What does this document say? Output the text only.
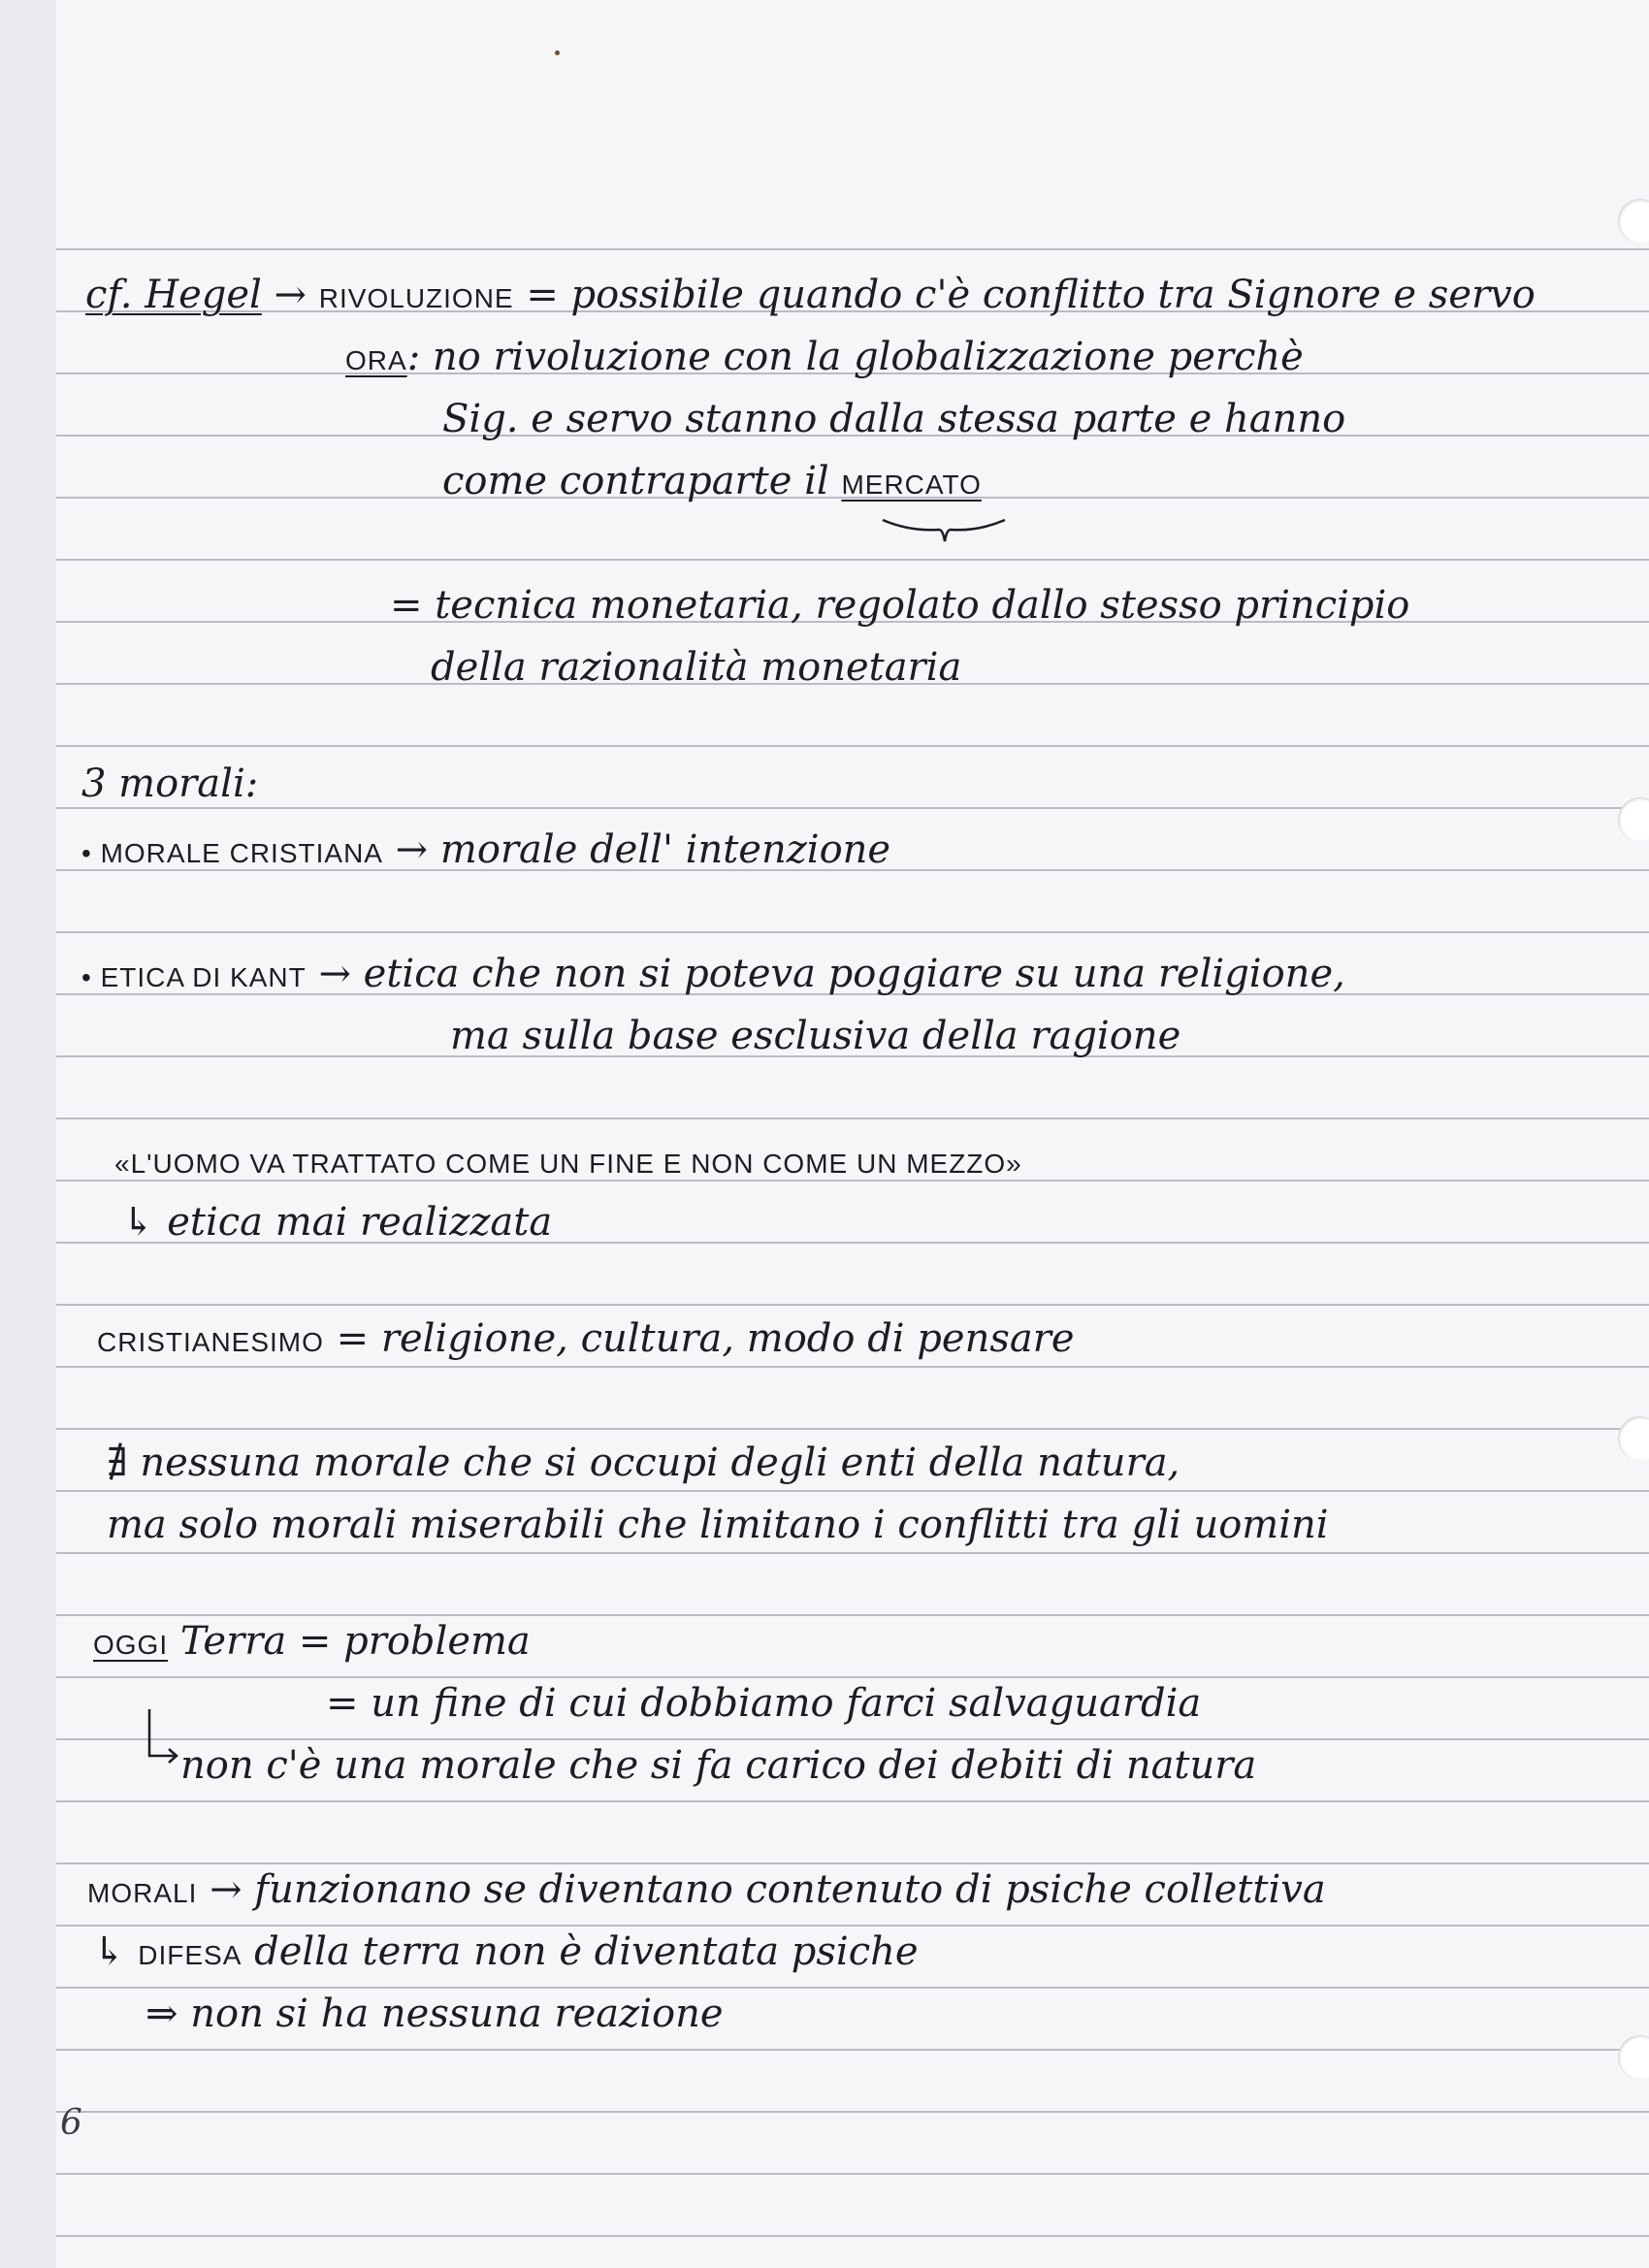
cf. Hegel → RIVOLUZIONE = possibile quando c'è conflitto tra Signore e servo

ORA: no rivoluzione con la globalizzazione perchè

Sig. e servo stanno dalla stessa parte e hanno

come contraparte il MERCATO

= tecnica monetaria, regolato dallo stesso principio

della razionalità monetaria

3 morali:

• MORALE CRISTIANA → morale dell' intenzione

• ETICA DI KANT → etica che non si poteva poggiare su una religione,

ma sulla base esclusiva della ragione

«L'UOMO VA TRATTATO COME UN FINE E NON COME UN MEZZO»

↳ etica mai realizzata

CRISTIANESIMO = religione, cultura, modo di pensare

∄ nessuna morale che si occupi degli enti della natura,

ma solo morali miserabili che limitano i conflitti tra gli uomini

OGGI Terra = problema

= un fine di cui dobbiamo farci salvaguardia

non c'è una morale che si fa carico dei debiti di natura

MORALI → funzionano se diventano contenuto di psiche collettiva

↳ DIFESA della terra non è diventata psiche

⇒ non si ha nessuna reazione

6
